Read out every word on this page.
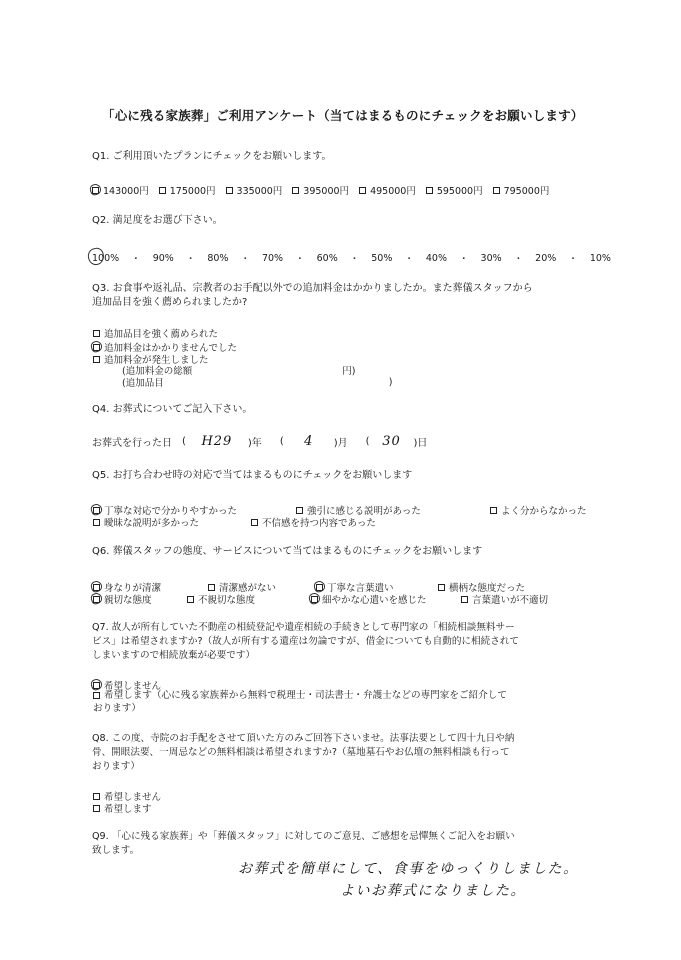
「心に残る家族葬」ご利用アンケート（当てはまるものにチェックをお願いします）
Q1. ご利用頂いたプランにチェックをお願いします。
143000円 175000円 335000円 395000円 495000円 595000円 795000円
Q2. 満足度をお選び下さい。
100% ・ 90% ・ 80% ・ 70% ・ 60% ・ 50% ・ 40% ・ 30% ・ 20% ・ 10%
Q3. お食事や返礼品、宗教者のお手配以外での追加料金はかかりましたか。また葬儀スタッフから
追加品目を強く薦められましたか?
追加品目を強く薦められた
追加料金はかかりませんでした
追加料金が発生しました
(追加料金の総額	円)
(追加品目	)
Q4. お葬式についてご記入下さい。
お葬式を行った日 (	H29	)年 (	4	)月 ( 30	)日
Q5. お打ち合わせ時の対応で当てはまるものにチェックをお願いします
丁寧な対応で分かりやすかった	強引に感じる説明があった	よく分からなかった
曖昧な説明が多かった	不信感を持つ内容であった
Q6. 葬儀スタッフの態度、サービスについて当てはまるものにチェックをお願いします
身なりが清潔	清潔感がない	丁寧な言葉遣い	横柄な態度だった
親切な態度	不親切な態度	細やかな心遣いを感じた	言葉遣いが不適切
Q7. 故人が所有していた不動産の相続登記や遺産相続の手続きとして専門家の「相続相談無料サー
ビス」は希望されますか?（故人が所有する遺産は勿論ですが、借金についても自動的に相続されて
しまいますので相続放棄が必要です）
希望しません
希望します（心に残る家族葬から無料で税理士・司法書士・弁護士などの専門家をご紹介して
おります）
Q8. この度、寺院のお手配をさせて頂いた方のみご回答下さいませ。法事法要として四十九日や納
骨、開眼法要、一周忌などの無料相談は希望されますか?（墓地墓石やお仏壇の無料相談も行って
おります）
希望しません
希望します
Q9. 「心に残る家族葬」や「葬儀スタッフ」に対してのご意見、ご感想を忌憚無くご記入をお願い
致します。
お葬式を簡単にして、食事をゆっくりしました。
よいお葬式になりました。
